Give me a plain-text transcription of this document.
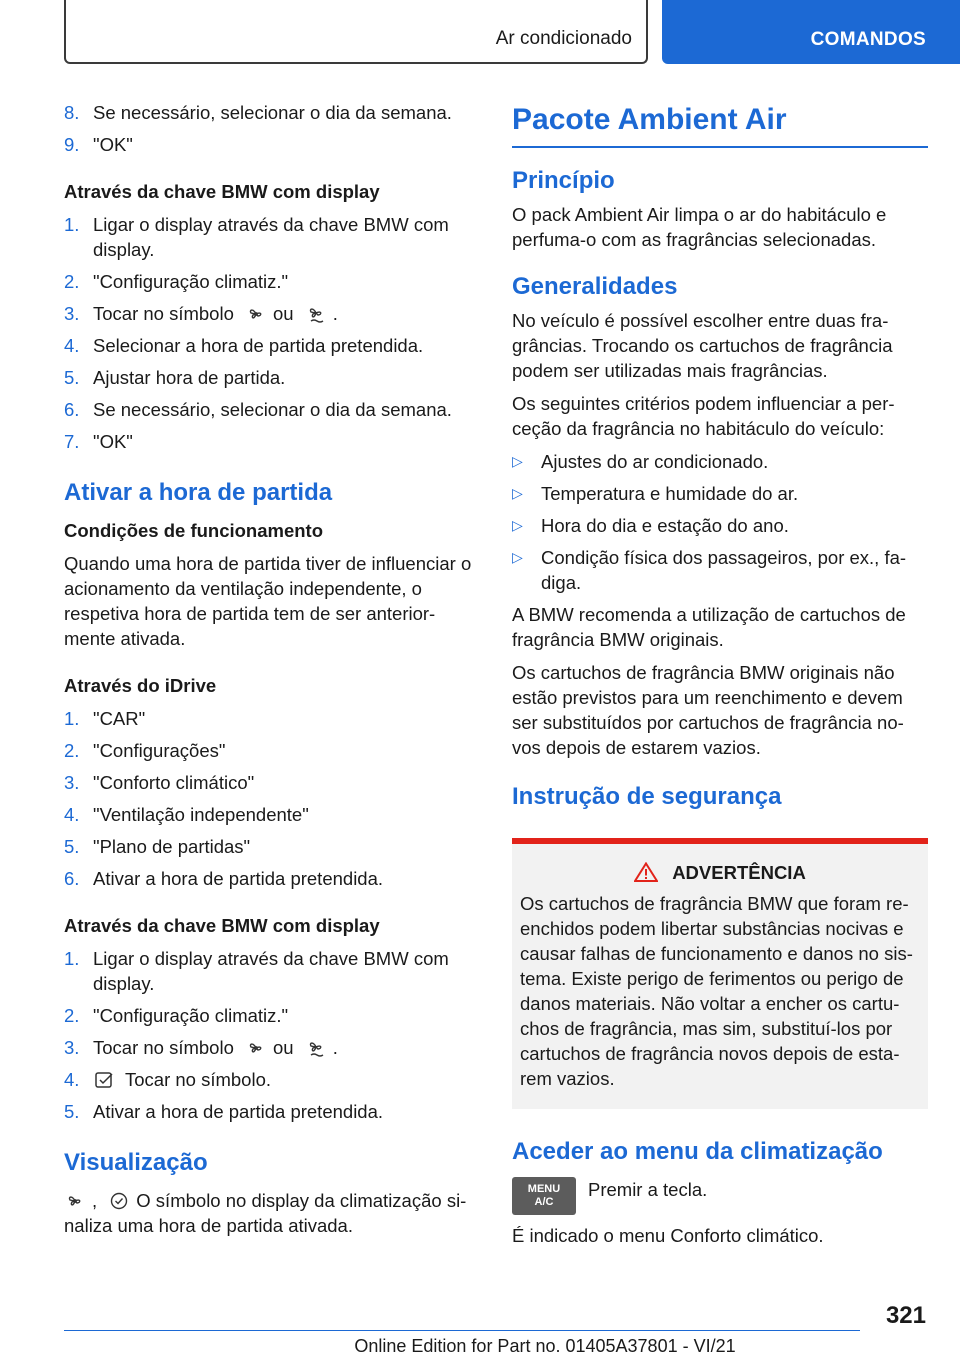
Ar condicionado	COMANDOS
8. Se necessário, selecionar o dia da semana.
9. "OK"
Através da chave BMW com display
1. Ligar o display através da chave BMW com display.
2. "Configuração climatiz."
3. Tocar no símbolo ou .
4. Selecionar a hora de partida pretendida.
5. Ajustar hora de partida.
6. Se necessário, selecionar o dia da semana.
7. "OK"
Ativar a hora de partida
Condições de funcionamento
Quando uma hora de partida tiver de influenciar o acionamento da ventilação independente, o respetiva hora de partida tem de ser anterior-mente ativada.
Através do iDrive
1. "CAR"
2. "Configurações"
3. "Conforto climático"
4. "Ventilação independente"
5. "Plano de partidas"
6. Ativar a hora de partida pretendida.
Através da chave BMW com display
1. Ligar o display através da chave BMW com display.
2. "Configuração climatiz."
3. Tocar no símbolo ou .
4. Tocar no símbolo.
5. Ativar a hora de partida pretendida.
Visualização
, O símbolo no display da climatização si-naliza uma hora de partida ativada.
Pacote Ambient Air
Princípio
O pack Ambient Air limpa o ar do habitáculo e perfuma-o com as fragrâncias selecionadas.
Generalidades
No veículo é possível escolher entre duas fra-grâncias. Trocando os cartuchos de fragrância podem ser utilizadas mais fragrâncias.
Os seguintes critérios podem influenciar a per-ceção da fragrância no habitáculo do veículo:
▷ Ajustes do ar condicionado.
▷ Temperatura e humidade do ar.
▷ Hora do dia e estação do ano.
▷ Condição física dos passageiros, por ex., fa-diga.
A BMW recomenda a utilização de cartuchos de fragrância BMW originais.
Os cartuchos de fragrância BMW originais não estão previstos para um reenchimento e devem ser substituídos por cartuchos de fragrância no-vos depois de estarem vazios.
Instrução de segurança
ADVERTÊNCIA
Os cartuchos de fragrância BMW que foram re-enchidos podem libertar substâncias nocivas e causar falhas de funcionamento e danos no sis-tema. Existe perigo de ferimentos ou perigo de danos materiais. Não voltar a encher os cartu-chos de fragrância, mas sim, substituí-los por cartuchos de fragrância novos depois de esta-rem vazios.
Aceder ao menu da climatização
MENU
A/C
Premir a tecla.
É indicado o menu Conforto climático.
321
Online Edition for Part no. 01405A37801 - VI/21
